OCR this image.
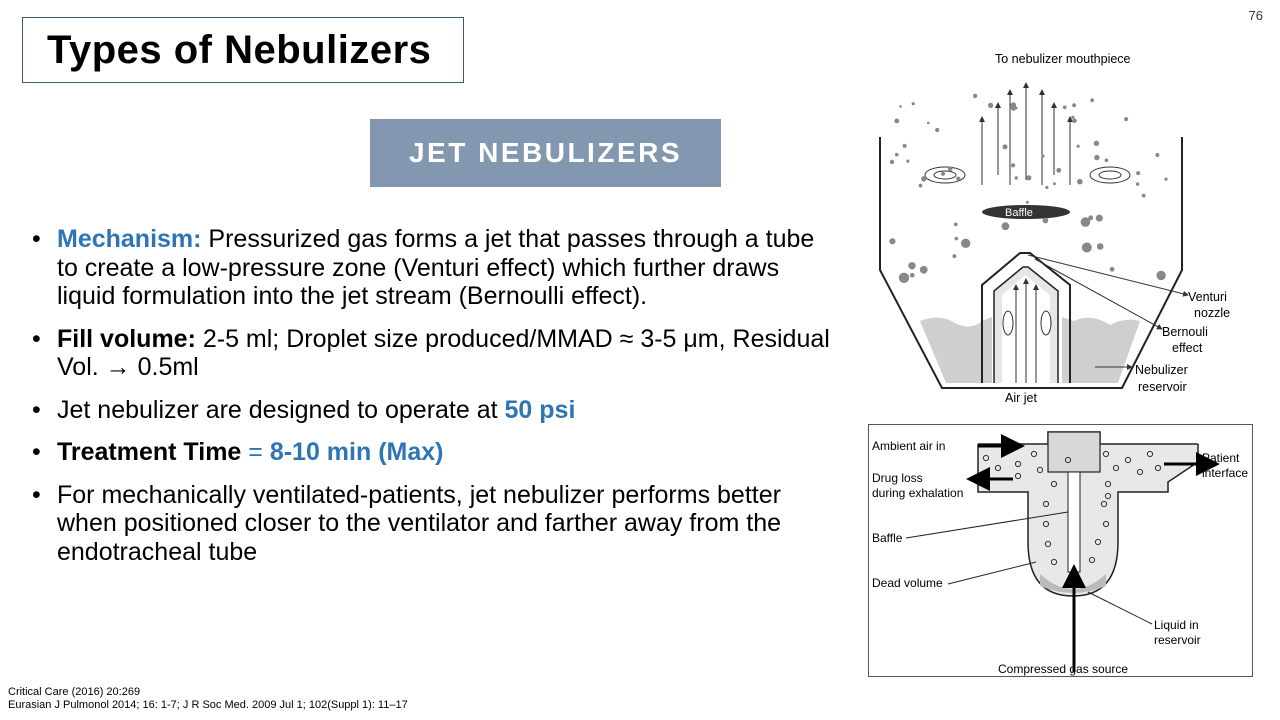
76
Types of Nebulizers
JET NEBULIZERS
• Mechanism: Pressurized gas forms a jet that passes through a tube to create a low-pressure zone (Venturi effect) which further draws liquid formulation into the jet stream (Bernoulli effect).
• Fill volume: 2-5 ml; Droplet size produced/MMAD ≈ 3-5 μm, Residual Vol. → 0.5ml
• Jet nebulizer are designed to operate at 50 psi
• Treatment Time = 8-10 min (Max)
• For mechanically ventilated-patients, jet nebulizer performs better when positioned closer to the ventilator and farther away from the endotracheal tube
To nebulizer mouthpiece
Baffle
Venturi
nozzle
Bernouli
effect
Nebulizer
reservoir
Air jet
Ambient air in
Drug loss
during exhalation
Baffle
Dead volume
Patient
interface
Liquid in
reservoir
Compressed gas source
Critical Care (2016) 20:269
Eurasian J Pulmonol 2014; 16: 1-7; J R Soc Med. 2009 Jul 1; 102(Suppl 1): 11–17
